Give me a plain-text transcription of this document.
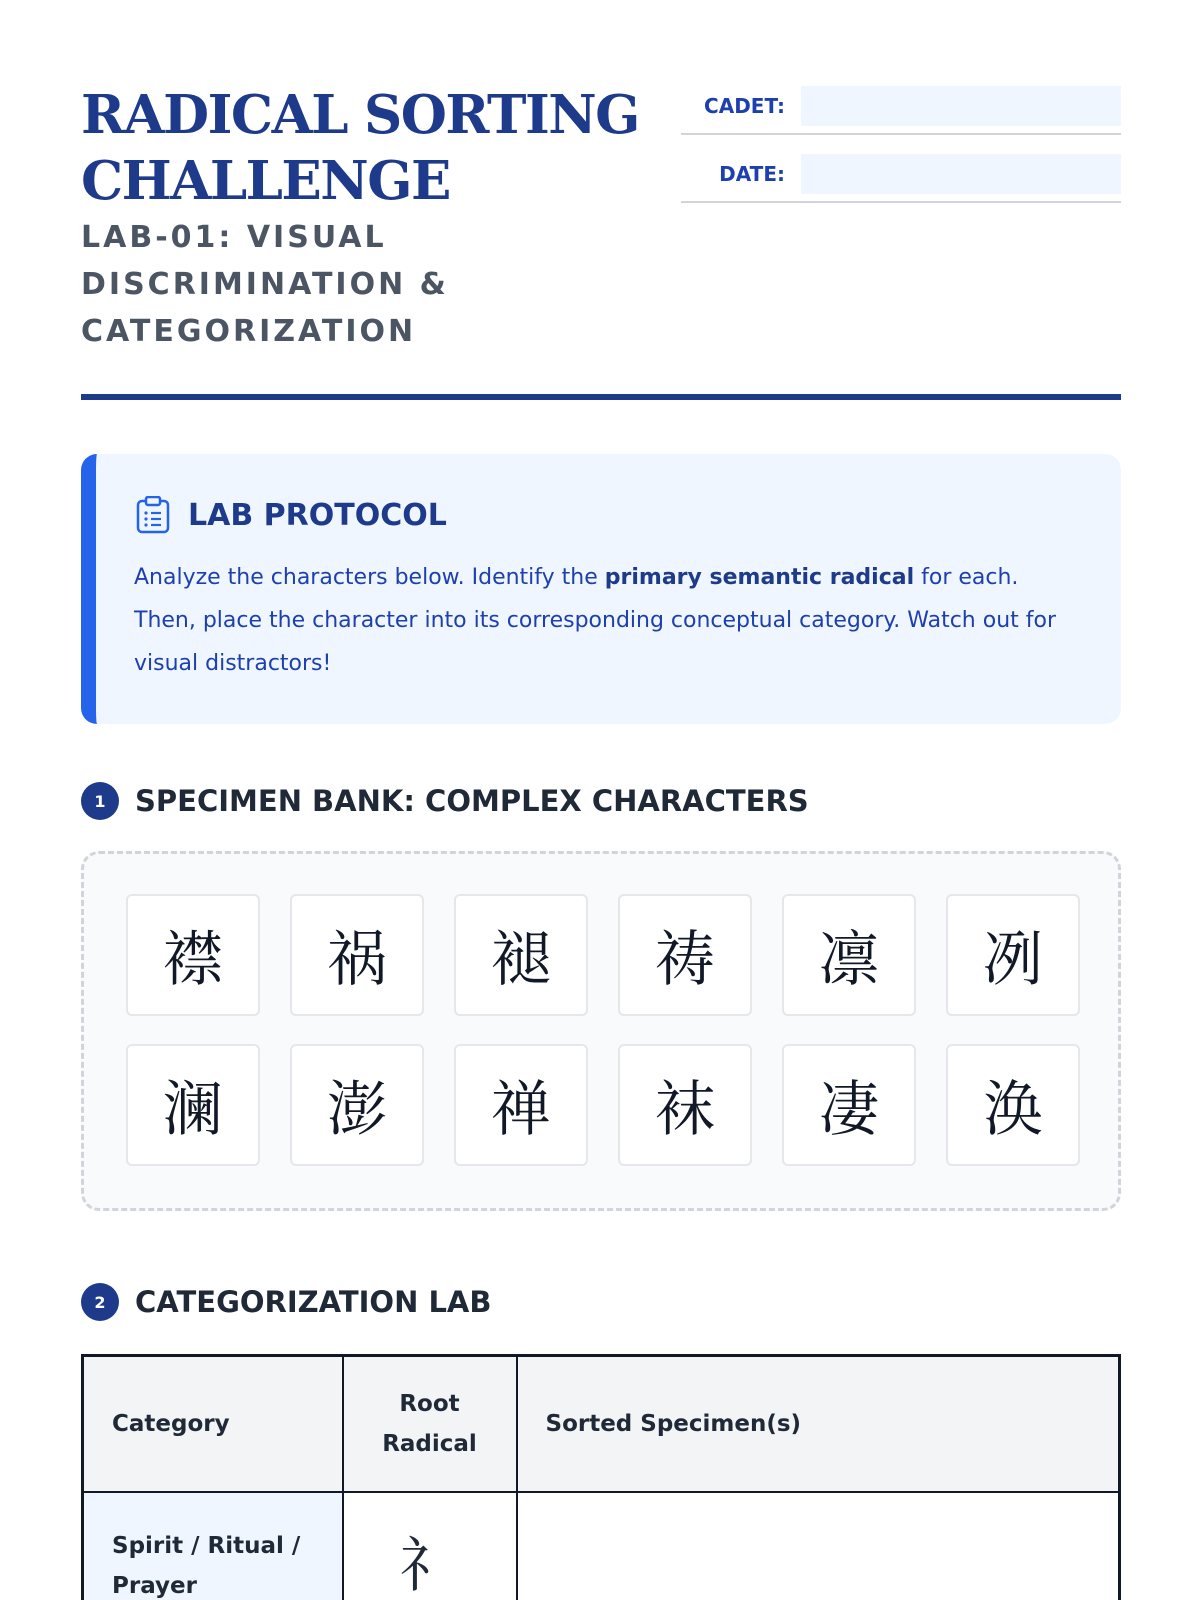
RADICAL SORTING CHALLENGE
LAB-01: VISUAL DISCRIMINATION & CATEGORIZATION
CADET:
DATE:
LAB PROTOCOL

Analyze the characters below. Identify the primary semantic radical for each. Then, place the character into its corresponding conceptual category. Watch out for visual distractors!

1	SPECIMEN BANK: COMPLEX CHARACTERS
襟	祸	褪	祷	凛	冽
澜	澎	禅	袜	凄	涣
2	CATEGORIZATION LAB
Category	Root Radical	Sorted Specimen(s)
Spirit / Ritual / Prayer	礻	
